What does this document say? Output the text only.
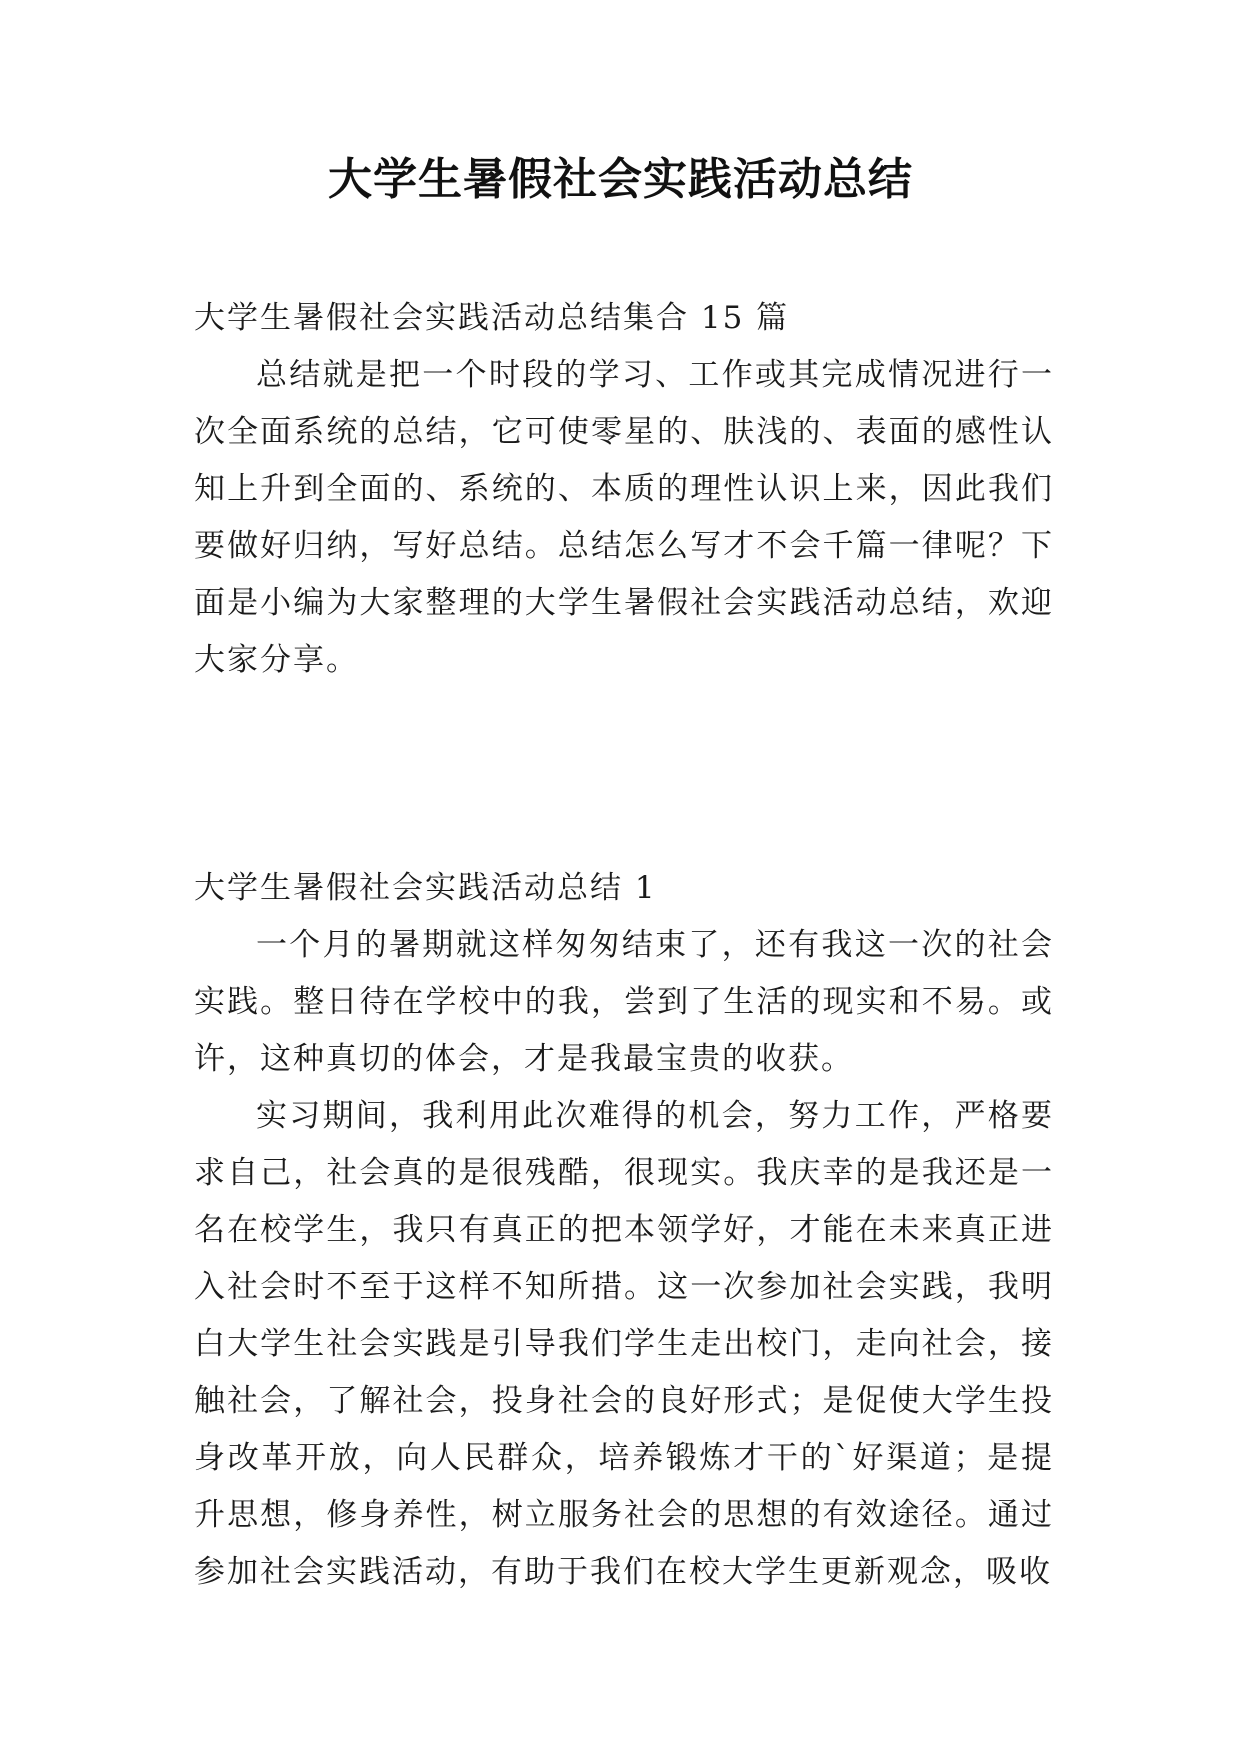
大学生暑假社会实践活动总结

大学生暑假社会实践活动总结集合 15 篇

总结就是把一个时段的学习、工作或其完成情况进行一次全面系统的总结，它可使零星的、肤浅的、表面的感性认知上升到全面的、系统的、本质的理性认识上来，因此我们要做好归纳，写好总结。总结怎么写才不会千篇一律呢？下面是小编为大家整理的大学生暑假社会实践活动总结，欢迎大家分享。

大学生暑假社会实践活动总结 1

一个月的暑期就这样匆匆结束了，还有我这一次的社会实践。整日待在学校中的我，尝到了生活的现实和不易。或许，这种真切的体会，才是我最宝贵的收获。

实习期间，我利用此次难得的机会，努力工作，严格要求自己，社会真的是很残酷，很现实。我庆幸的是我还是一名在校学生，我只有真正的把本领学好，才能在未来真正进入社会时不至于这样不知所措。这一次参加社会实践，我明白大学生社会实践是引导我们学生走出校门，走向社会，接触社会，了解社会，投身社会的良好形式；是促使大学生投身改革开放，向人民群众，培养锻炼才干的`好渠道；是提升思想，修身养性，树立服务社会的思想的有效途径。通过参加社会实践活动，有助于我们在校大学生更新观念，吸收
